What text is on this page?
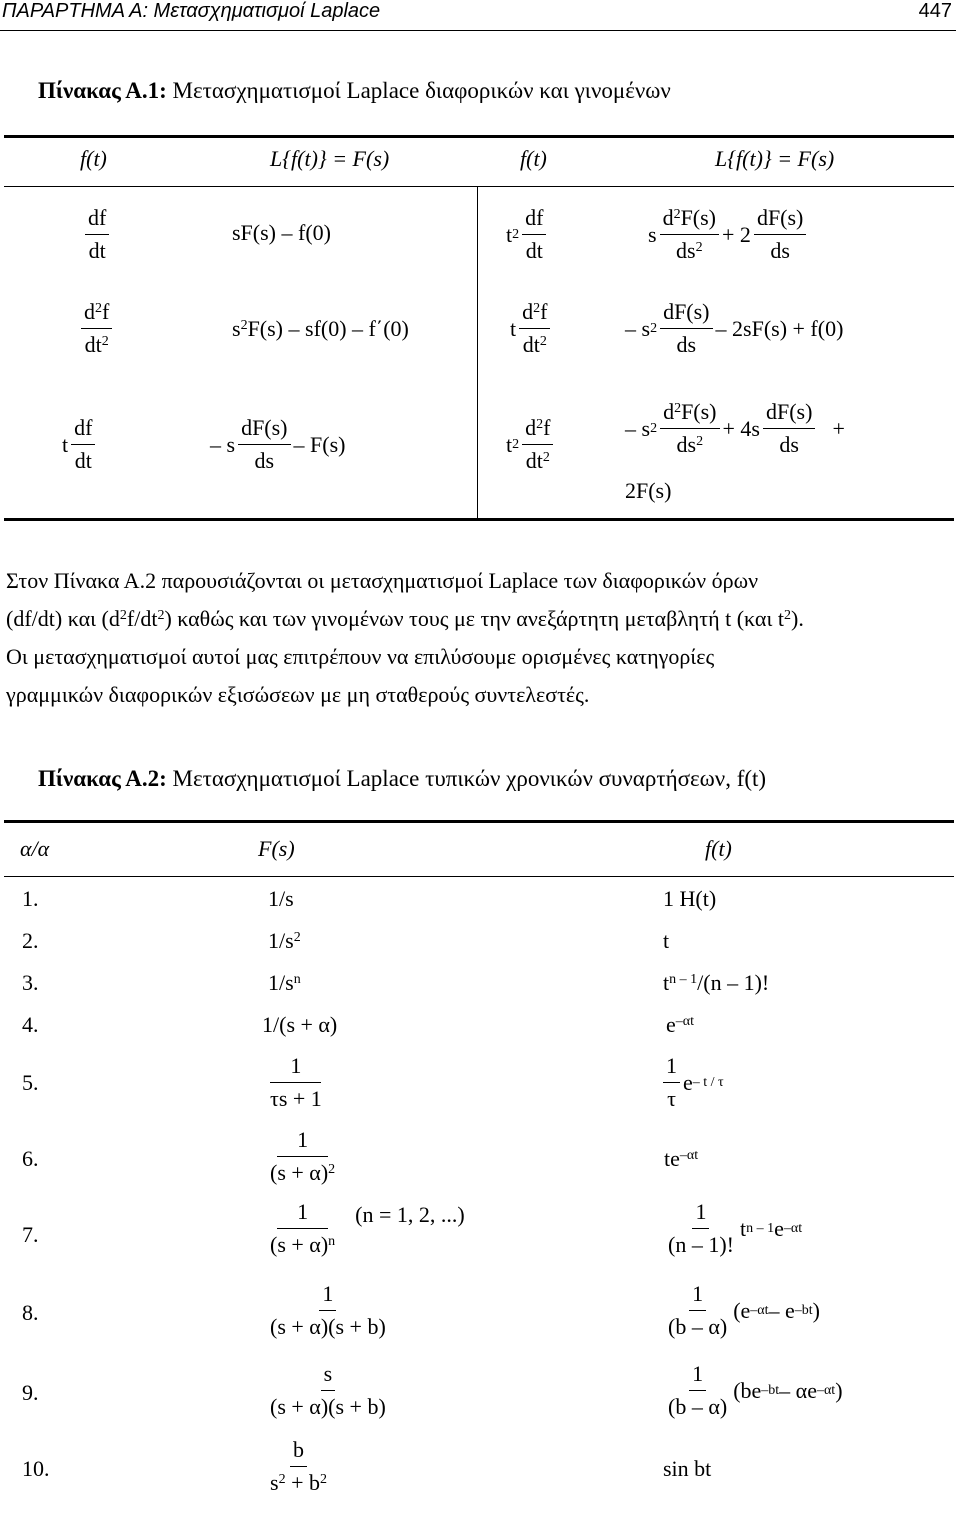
ΠΑΡΑΡΤΗΜΑ Α: Μετασχηματισμοί Laplace	447
Πίνακας Α.1: Μετασχηματισμοί Laplace διαφορικών και γινομένων
f(t)	L{f(t)} = F(s)	f(t)	L{f(t)} = F(s)
$\frac{df}{dt}$	sF(s) – f(0)	t $2 \frac{df}{dt}$	s $\frac{d^2F(s)}{ds^2} + 2 \frac{dF(s)}{ds}$
$\frac{d^2f}{dt^2}$	$s^2F(s) - sf(0) - f΄(0)$	t $\frac{d^2f}{dt^2}$	– s $2 \frac{dF(s)}{ds} - 2sF(s) + f(0)$
t $\frac{df}{dt}$	– s $\frac{dF(s)}{ds} - F(s)$	t $2 \frac{d^2f}{dt^2}$	– s $2 \frac{d^2F(s)}{ds^2} + 4s \frac{dF(s)}{ds}$ +
2F(s)

Στον Πίνακα Α.2 παρουσιάζονται οι μετασχηματισμοί Laplace των διαφορικών όρων

(df/dt) και $(d^2f/dt^2)$ καθώς και των γινομένων τους με την ανεξάρτητη μεταβλητή t (και $t^2$).

Οι μετασχηματισμοί αυτοί μας επιτρέπουν να επιλύσουμε ορισμένες κατηγορίες

γραμμικών διαφορικών εξισώσεων με μη σταθερούς συντελεστές.

Πίνακας Α.2: Μετασχηματισμοί Laplace τυπικών χρονικών συναρτήσεων, f(t)
α/α	F(s)	f(t)
1.	1/s	1 H(t)
2.	$1/s^2$	t
3.	$1/s^n$	$t^{n - 1}/(n - 1)$!
4.	1/(s + α)	$e^{-\alpha t}$
5.	$\frac{1}{\tau s + 1}$	$\frac{1}{\tau}$ e – t / τ
6.	$\frac{1}{(s + \alpha)^2}$	$te^{-\alpha t}$
7.	$\frac{1}{(s + \alpha)^n} (n = 1$, 2, ...)	$\frac{1}{(n - 1)!}$ t n – 1 e –αt
8.	$\frac{1}{(s + \alpha)(s + b)}$	$\frac{1}{(b - \alpha)} (e$ –αt – e –bt )
9.	$\frac{s}{(s + \alpha)(s + b)}$	$\frac{1}{(b - \alpha)} (be$ –bt – αe –αt )
10.	$\frac{b}{s^2 + b^2}$	sin bt
